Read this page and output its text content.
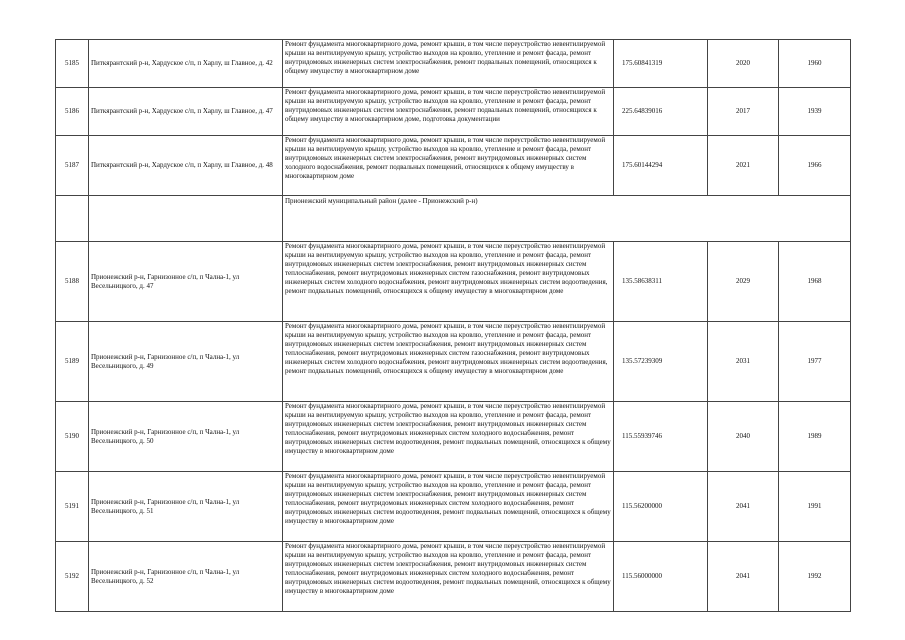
5185	Питкярантский р-н, Хардуское с/п, п Харлу, ш Главное, д. 42	Ремонт фундамента многоквартирного дома, ремонт крыши, в том числе переустройство невентилируемой крыши на вентилируемую крышу, устройство выходов на кровлю, утепление и ремонт фасада, ремонт внутридомовых инженерных систем электроснабжения, ремонт подвальных помещений, относящихся к общему имуществу в многоквартирном доме	175.60841319	2020	1960
5186	Питкярантский р-н, Хардуское с/п, п Харлу, ш Главное, д. 47	Ремонт фундамента многоквартирного дома, ремонт крыши, в том числе переустройство невентилируемой крыши на вентилируемую крышу, устройство выходов на кровлю, утепление и ремонт фасада, ремонт внутридомовых инженерных систем электроснабжения, ремонт подвальных помещений, относящихся к общему имуществу в многоквартирном доме, подготовка документации	225.64839016	2017	1939
5187	Питкярантский р-н, Хардуское с/п, п Харлу, ш Главное, д. 48	Ремонт фундамента многоквартирного дома, ремонт крыши, в том числе переустройство невентилируемой крыши на вентилируемую крышу, устройство выходов на кровлю, утепление и ремонт фасада, ремонт внутридомовых инженерных систем электроснабжения, ремонт внутридомовых инженерных систем холодного водоснабжения, ремонт подвальных помещений, относящихся к общему имуществу в многоквартирном доме	175.60144294	2021	1966
		Прионежский муниципальный район (далее - Прионежский р-н)			
5188	Прионежский р-н, Гарнизонное с/п, п Чална-1, ул Весельницкого, д. 47	Ремонт фундамента многоквартирного дома, ремонт крыши, в том числе переустройство невентилируемой крыши на вентилируемую крышу, устройство выходов на кровлю, утепление и ремонт фасада, ремонт внутридомовых инженерных систем электроснабжения, ремонт внутридомовых инженерных систем теплоснабжения, ремонт внутридомовых инженерных систем газоснабжения, ремонт внутридомовых инженерных систем холодного водоснабжения, ремонт внутридомовых инженерных систем водоотведения, ремонт подвальных помещений, относящихся к общему имуществу в многоквартирном доме	135.58638311	2029	1968
5189	Прионежский р-н, Гарнизонное с/п, п Чална-1, ул Весельницкого, д. 49	Ремонт фундамента многоквартирного дома, ремонт крыши, в том числе переустройство невентилируемой крыши на вентилируемую крышу, устройство выходов на кровлю, утепление и ремонт фасада, ремонт внутридомовых инженерных систем электроснабжения, ремонт внутридомовых инженерных систем теплоснабжения, ремонт внутридомовых инженерных систем газоснабжения, ремонт внутридомовых инженерных систем холодного водоснабжения, ремонт внутридомовых инженерных систем водоотведения, ремонт подвальных помещений, относящихся к общему имуществу в многоквартирном доме	135.57239309	2031	1977
5190	Прионежский р-н, Гарнизонное с/п, п Чална-1, ул Весельницкого, д. 50	Ремонт фундамента многоквартирного дома, ремонт крыши, в том числе переустройство невентилируемой крыши на вентилируемую крышу, устройство выходов на кровлю, утепление и ремонт фасада, ремонт внутридомовых инженерных систем электроснабжения, ремонт внутридомовых инженерных систем теплоснабжения, ремонт внутридомовых инженерных систем холодного водоснабжения, ремонт внутридомовых инженерных систем водоотведения, ремонт подвальных помещений, относящихся к общему имуществу в многоквартирном доме	115.55939746	2040	1989
5191	Прионежский р-н, Гарнизонное с/п, п Чална-1, ул Весельницкого, д. 51	Ремонт фундамента многоквартирного дома, ремонт крыши, в том числе переустройство невентилируемой крыши на вентилируемую крышу, устройство выходов на кровлю, утепление и ремонт фасада, ремонт внутридомовых инженерных систем электроснабжения, ремонт внутридомовых инженерных систем теплоснабжения, ремонт внутридомовых инженерных систем холодного водоснабжения, ремонт внутридомовых инженерных систем водоотведения, ремонт подвальных помещений, относящихся к общему имуществу в многоквартирном доме	115.56200000	2041	1991
5192	Прионежский р-н, Гарнизонное с/п, п Чална-1, ул Весельницкого, д. 52	Ремонт фундамента многоквартирного дома, ремонт крыши, в том числе переустройство невентилируемой крыши на вентилируемую крышу, устройство выходов на кровлю, утепление и ремонт фасада, ремонт внутридомовых инженерных систем электроснабжения, ремонт внутридомовых инженерных систем теплоснабжения, ремонт внутридомовых инженерных систем холодного водоснабжения, ремонт внутридомовых инженерных систем водоотведения, ремонт подвальных помещений, относящихся к общему имуществу в многоквартирном доме	115.56000000	2041	1992
